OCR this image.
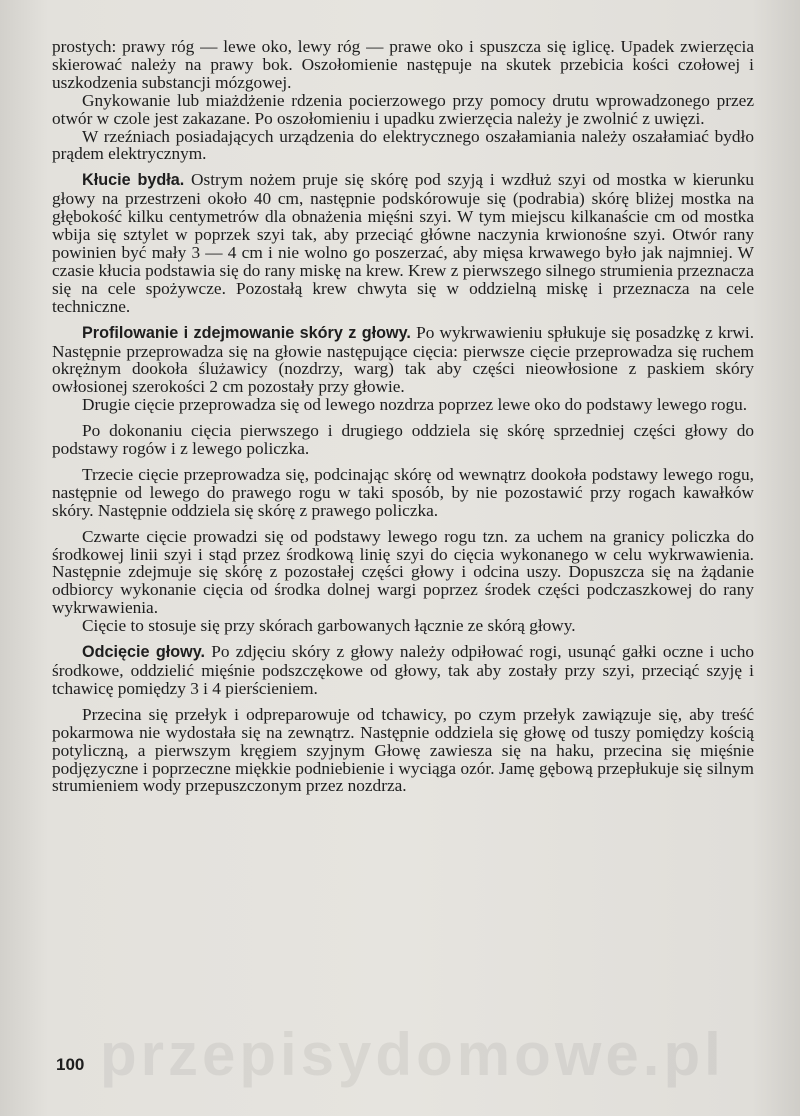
prostych: prawy róg — lewe oko, lewy róg — prawe oko i spuszcza się iglicę. Upadek zwierzęcia skierować należy na prawy bok. Oszołomienie następuje na skutek przebicia kości czołowej i uszkodzenia substancji mózgowej.

Gnykowanie lub miażdżenie rdzenia pocierzowego przy pomocy drutu wprowadzonego przez otwór w czole jest zakazane. Po oszołomieniu i upadku zwierzęcia należy je zwolnić z uwięzi.

W rzeźniach posiadających urządzenia do elektrycznego oszałamiania należy oszałamiać bydło prądem elektrycznym.

Kłucie bydła. Ostrym nożem pruje się skórę pod szyją i wzdłuż szyi od mostka w kierunku głowy na przestrzeni około 40 cm, następnie podskórowuje się (podrabia) skórę bliżej mostka na głębokość kilku centymetrów dla obnażenia mięśni szyi. W tym miejscu kilkanaście cm od mostka wbija się sztylet w poprzek szyi tak, aby przeciąć główne naczynia krwionośne szyi. Otwór rany powinien być mały 3 — 4 cm i nie wolno go poszerzać, aby mięsa krwawego było jak najmniej. W czasie kłucia podstawia się do rany miskę na krew. Krew z pierwszego silnego strumienia przeznacza się na cele spożywcze. Pozostałą krew chwyta się w oddzielną miskę i przeznacza na cele techniczne.

Profilowanie i zdejmowanie skóry z głowy. Po wykrwawieniu spłukuje się posadzkę z krwi. Następnie przeprowadza się na głowie następujące cięcia: pierwsze cięcie przeprowadza się ruchem okrężnym dookoła ślużawicy (nozdrzy, warg) tak aby części nieowłosione z paskiem skóry owłosionej szerokości 2 cm pozostały przy głowie.

Drugie cięcie przeprowadza się od lewego nozdrza poprzez lewe oko do podstawy lewego rogu.

Po dokonaniu cięcia pierwszego i drugiego oddziela się skórę sprzedniej części głowy do podstawy rogów i z lewego policzka.

Trzecie cięcie przeprowadza się, podcinając skórę od wewnątrz dookoła podstawy lewego rogu, następnie od lewego do prawego rogu w taki sposób, by nie pozostawić przy rogach kawałków skóry. Następnie oddziela się skórę z prawego policzka.

Czwarte cięcie prowadzi się od podstawy lewego rogu tzn. za uchem na granicy policzka do środkowej linii szyi i stąd przez środkową linię szyi do cięcia wykonanego w celu wykrwawienia. Następnie zdejmuje się skórę z pozostałej części głowy i odcina uszy. Dopuszcza się na żądanie odbiorcy wykonanie cięcia od środka dolnej wargi poprzez środek części podczaszkowej do rany wykrwawienia.

Cięcie to stosuje się przy skórach garbowanych łącznie ze skórą głowy.

Odcięcie głowy. Po zdjęciu skóry z głowy należy odpiłować rogi, usunąć gałki oczne i ucho środkowe, oddzielić mięśnie podszczękowe od głowy, tak aby zostały przy szyi, przeciąć szyję i tchawicę pomiędzy 3 i 4 pierścieniem.

Przecina się przełyk i odpreparowuje od tchawicy, po czym przełyk zawiązuje się, aby treść pokarmowa nie wydostała się na zewnątrz. Następnie oddziela się głowę od tuszy pomiędzy kością potyliczną, a pierwszym kręgiem szyjnym Głowę zawiesza się na haku, przecina się mięśnie podjęzyczne i poprzeczne miękkie podniebienie i wyciąga ozór. Jamę gębową przepłukuje się silnym strumieniem wody przepuszczonym przez nozdrza.

przepisydomowe.pl
100
